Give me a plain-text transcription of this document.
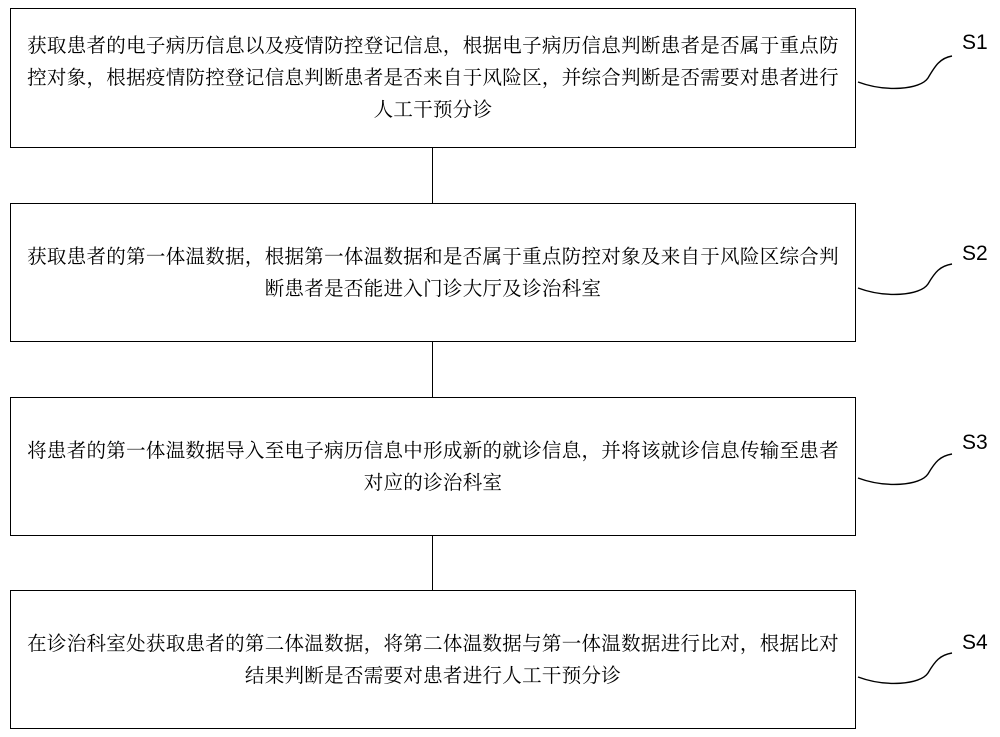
获取患者的电子病历信息以及疫情防控登记信息，根据电子病历信息判断患者是否属于重点防控对象，根据疫情防控登记信息判断患者是否来自于风险区，并综合判断是否需要对患者进行人工干预分诊
获取患者的第一体温数据，根据第一体温数据和是否属于重点防控对象及来自于风险区综合判断患者是否能进入门诊大厅及诊治科室
将患者的第一体温数据导入至电子病历信息中形成新的就诊信息，并将该就诊信息传输至患者对应的诊治科室
在诊治科室处获取患者的第二体温数据，将第二体温数据与第一体温数据进行比对，根据比对结果判断是否需要对患者进行人工干预分诊
S1
S2
S3
S4
